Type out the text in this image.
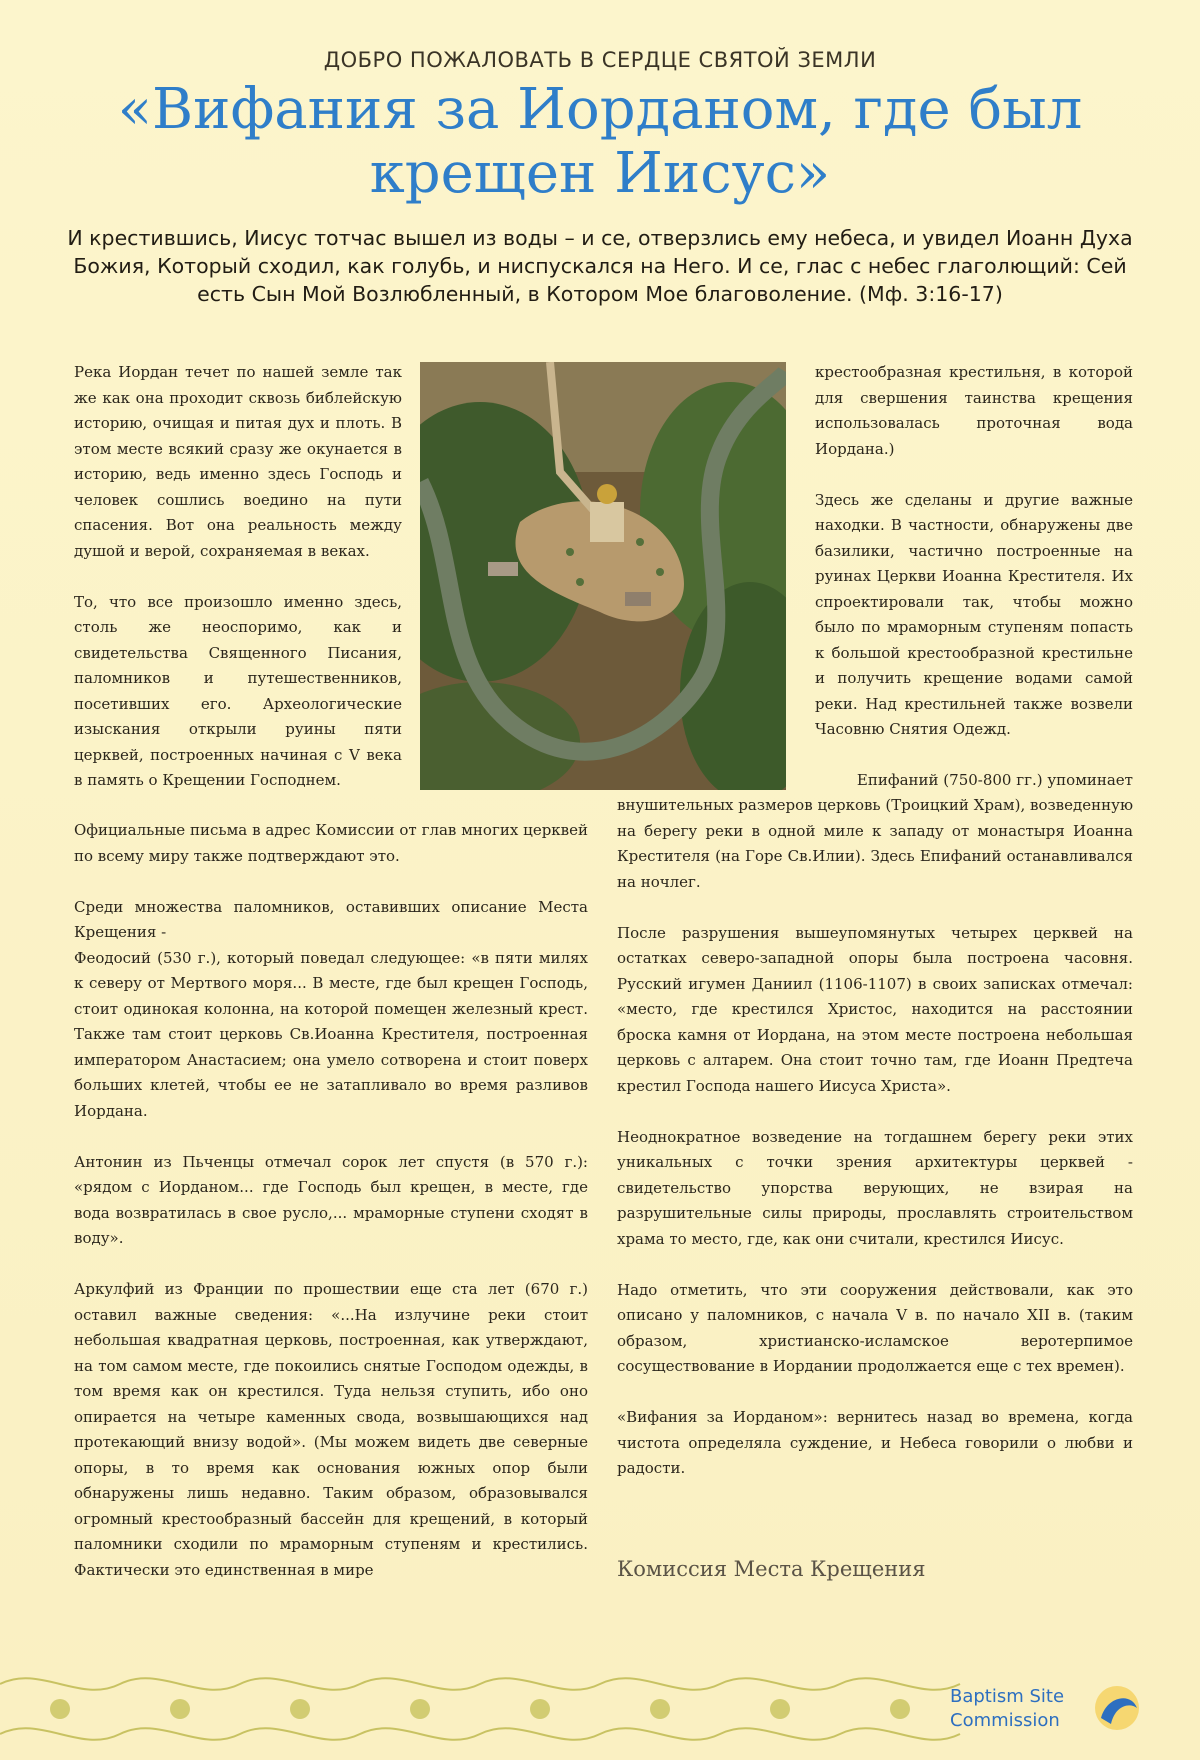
ДОБРО ПОЖАЛОВАТЬ В СЕРДЦЕ СВЯТОЙ ЗЕМЛИ
«Вифания за Иорданом, где был крещен Иисус»
И крестившись, Иисус тотчас вышел из воды – и се, отверзлись ему небеса, и увидел Иоанн Духа Божия, Который сходил, как голубь, и ниспускался на Него. И се, глас с небес глаголющий: Сей есть Сын Мой Возлюбленный, в Котором Мое благоволение. (Мф. 3:16-17)

Река Иордан течет по нашей земле так же как она проходит сквозь библейскую историю, очищая и питая дух и плоть. В этом месте всякий сразу же окунается в историю, ведь именно здесь Господь и человек сошлись воедино на пути спасения. Вот она реальность между душой и верой, сохраняемая в веках.

То, что все произошло именно здесь, столь же неоспоримо, как и свидетельства Священного Писания, паломников и путешественников, посетивших его. Археологические изыскания открыли руины пяти церквей, построенных начиная с V века в память о Крещении Господнем.

Официальные письма в адрес Комиссии от глав многих церквей по всему миру также подтверждают это.

Среди множества паломников, оставивших описание Места Крещения -

Феодосий (530 г.), который поведал следующее: «в пяти милях к северу от Мертвого моря... В месте, где был крещен Господь, стоит одинокая колонна, на которой помещен железный крест. Также там стоит церковь Св.Иоанна Крестителя, построенная императором Анастасием; она умело сотворена и стоит поверх больших клетей, чтобы ее не затапливало во время разливов Иордана.

Антонин из Пьченцы отмечал сорок лет спустя (в 570 г.): «рядом с Иорданом... где Господь был крещен, в месте, где вода возвратилась в свое русло,... мраморные ступени сходят в воду».

Аркулфий из Франции по прошествии еще ста лет (670 г.) оставил важные сведения: «...На излучине реки стоит небольшая квадратная церковь, построенная, как утверждают, на том самом месте, где покоились снятые Господом одежды, в том время как он крестился. Туда нельзя ступить, ибо оно опирается на четыре каменных свода, возвышающихся над протекающий внизу водой». (Мы можем видеть две северные опоры, в то время как основания южных опор были обнаружены лишь недавно. Таким образом, образовывался огромный крестообразный бассейн для крещений, в который паломники сходили по мраморным ступеням и крестились. Фактически это единственная в мире

крестообразная крестильня, в которой для свершения таинства крещения использовалась проточная вода Иордана.)

Здесь же сделаны и другие важные находки. В частности, обнаружены две базилики, частично построенные на руинах Церкви Иоанна Крестителя. Их спроектировали так, чтобы можно было по мраморным ступеням попасть к большой крестообразной крестильне и получить крещение водами самой реки. Над крестильней также возвели Часовню Снятия Одежд.

Епифаний (750-800 гг.) упоминает

внушительных размеров церковь (Троицкий Храм), возведенную на берегу реки в одной миле к западу от монастыря Иоанна Крестителя (на Горе Св.Илии). Здесь Епифаний останавливался на ночлег.

После разрушения вышеупомянутых четырех церквей на остатках северо-западной опоры была построена часовня. Русский игумен Даниил (1106-1107) в своих записках отмечал: «место, где крестился Христос, находится на расстоянии броска камня от Иордана, на этом месте построена небольшая церковь с алтарем. Она стоит точно там, где Иоанн Предтеча крестил Господа нашего Иисуса Христа».

Неоднократное возведение на тогдашнем берегу реки этих уникальных с точки зрения архитектуры церквей - свидетельство упорства верующих, не взирая на разрушительные силы природы, прославлять строительством храма то место, где, как они считали, крестился Иисус.

Надо отметить, что эти сооружения действовали, как это описано у паломников, с начала V в. по начало XII в. (таким образом, христианско-исламское веротерпимое сосуществование в Иордании продолжается еще с тех времен).

«Вифания за Иорданом»: вернитесь назад во времена, когда чистота определяла суждение, и Небеса говорили о любви и радости.

Комиссия Места Крещения
Baptism Site
Commission
